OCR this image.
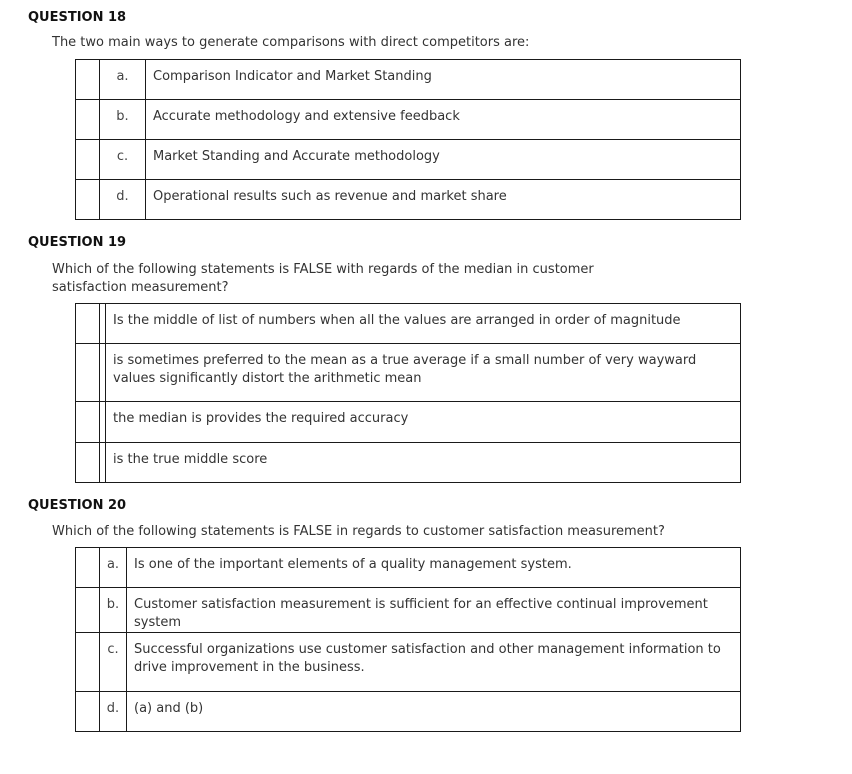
QUESTION 18
The two main ways to generate comparisons with direct competitors are:
	a.	Comparison Indicator and Market Standing
	b.	Accurate methodology and extensive feedback
	c.	Market Standing and Accurate methodology
	d.	Operational results such as revenue and market share
QUESTION 19
Which of the following statements is FALSE with regards of the median in customer satisfaction measurement?
		Is the middle of list of numbers when all the values are arranged in order of magnitude
		is sometimes preferred to the mean as a true average if a small number of very wayward values significantly distort the arithmetic mean
		the median is provides the required accuracy
		is the true middle score
QUESTION 20
Which of the following statements is FALSE in regards to customer satisfaction measurement?
	a.	Is one of the important elements of a quality management system.
	b.	Customer satisfaction measurement is sufficient for an effective continual improvement system
	c.	Successful organizations use customer satisfaction and other management information to drive improvement in the business.
	d.	(a) and (b)
